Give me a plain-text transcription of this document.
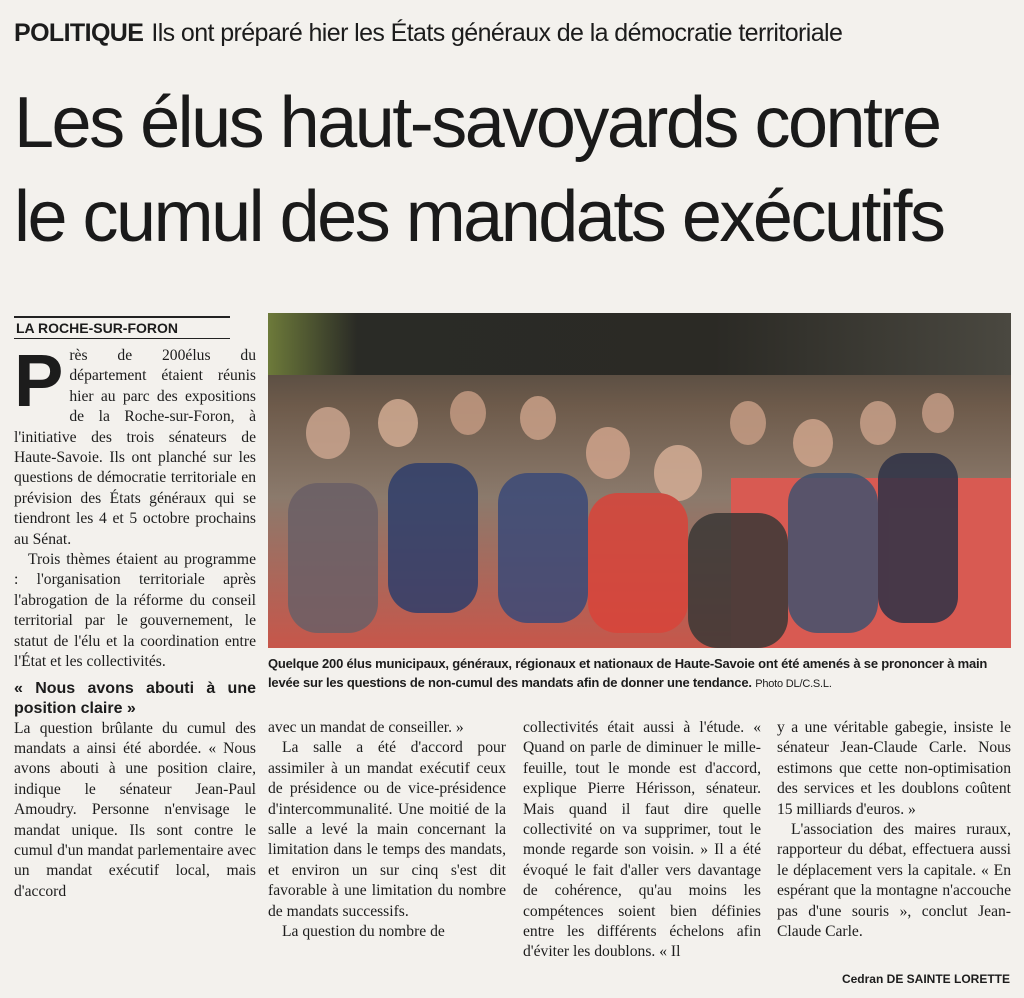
POLITIQUE Ils ont préparé hier les États généraux de la démocratie territoriale
Les élus haut-savoyards contre
le cumul des mandats exécutifs
LA ROCHE-SUR-FORON

Près de 200élus du département étaient réunis hier au parc des expositions de la Roche-sur-Foron, à l'initiative des trois sénateurs de Haute-Savoie. Ils ont planché sur les questions de démocratie territoriale en prévision des États généraux qui se tiendront les 4 et 5 octobre prochains au Sénat.

Trois thèmes étaient au programme : l'organisation territoriale après l'abrogation de la réforme du conseil territorial par le gouvernement, le statut de l'élu et la coordination entre l'État et les collectivités.

« Nous avons abouti à une position claire »

La question brûlante du cumul des mandats a ainsi été abordée. « Nous avons abouti à une position claire, indique le sénateur Jean-Paul Amoudry. Personne n'envisage le mandat unique. Ils sont contre le cumul d'un mandat parlementaire avec un mandat exécutif local, mais d'accord

Quelque 200 élus municipaux, généraux, régionaux et nationaux de Haute-Savoie ont été amenés à se prononcer à main levée sur les questions de non-cumul des mandats afin de donner une tendance. Photo DL/C.S.L.

avec un mandat de conseiller. »

La salle a été d'accord pour assimiler à un mandat exécutif ceux de présidence ou de vice-présidence d'intercommunalité. Une moitié de la salle a levé la main concernant la limitation dans le temps des mandats, et environ un sur cinq s'est dit favorable à une limitation du nombre de mandats successifs.

La question du nombre de

collectivités était aussi à l'étude. « Quand on parle de diminuer le mille-feuille, tout le monde est d'accord, explique Pierre Hérisson, sénateur. Mais quand il faut dire quelle collectivité on va supprimer, tout le monde regarde son voisin. » Il a été évoqué le fait d'aller vers davantage de cohérence, qu'au moins les compétences soient bien définies entre les différents échelons afin d'éviter les doublons. « Il

y a une véritable gabegie, insiste le sénateur Jean-Claude Carle. Nous estimons que cette non-optimisation des services et les doublons coûtent 15 milliards d'euros. »

L'association des maires ruraux, rapporteur du débat, effectuera aussi le déplacement vers la capitale. « En espérant que la montagne n'accouche pas d'une souris », conclut Jean-Claude Carle.

Cedran DE SAINTE LORETTE
